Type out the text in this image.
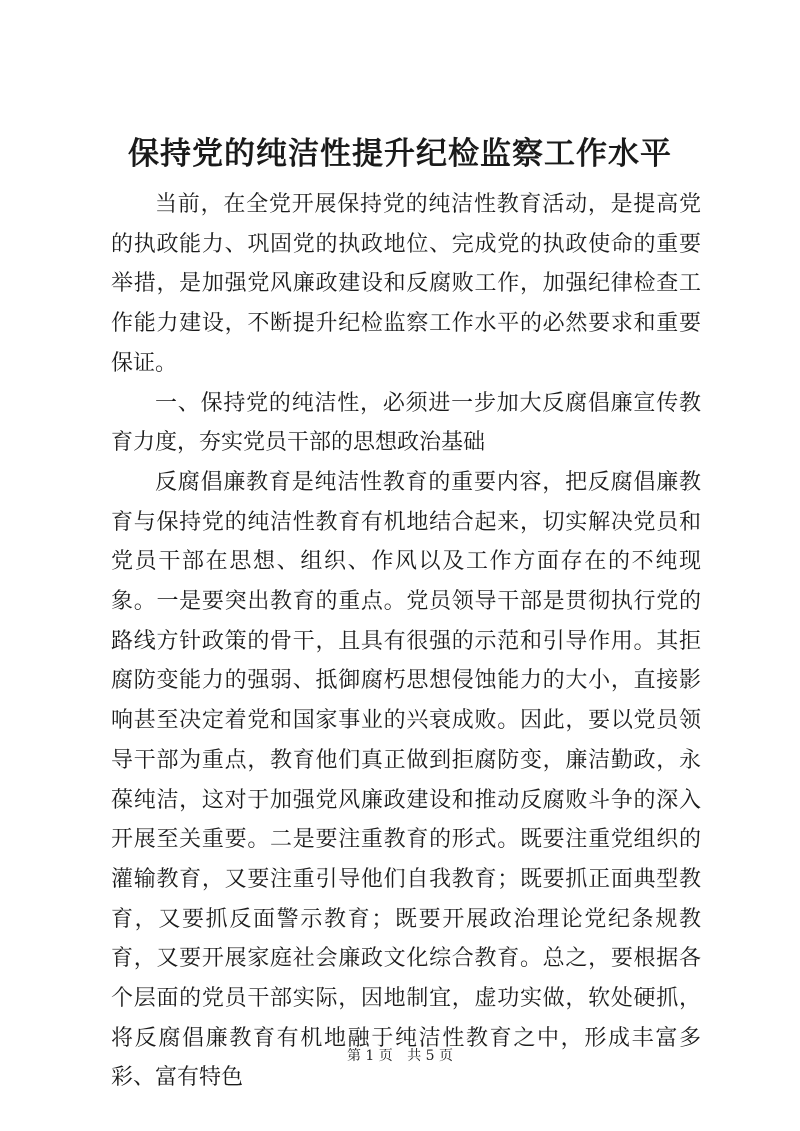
保持党的纯洁性提升纪检监察工作水平

当前，在全党开展保持党的纯洁性教育活动，是提高党的执政能力、巩固党的执政地位、完成党的执政使命的重要举措，是加强党风廉政建设和反腐败工作，加强纪律检查工作能力建设，不断提升纪检监察工作水平的必然要求和重要保证。

一、保持党的纯洁性，必须进一步加大反腐倡廉宣传教育力度，夯实党员干部的思想政治基础

反腐倡廉教育是纯洁性教育的重要内容，把反腐倡廉教育与保持党的纯洁性教育有机地结合起来，切实解决党员和党员干部在思想、组织、作风以及工作方面存在的不纯现象。一是要突出教育的重点。党员领导干部是贯彻执行党的路线方针政策的骨干，且具有很强的示范和引导作用。其拒腐防变能力的强弱、抵御腐朽思想侵蚀能力的大小，直接影响甚至决定着党和国家事业的兴衰成败。因此，要以党员领导干部为重点，教育他们真正做到拒腐防变，廉洁勤政，永葆纯洁，这对于加强党风廉政建设和推动反腐败斗争的深入开展至关重要。二是要注重教育的形式。既要注重党组织的灌输教育，又要注重引导他们自我教育；既要抓正面典型教育，又要抓反面警示教育；既要开展政治理论党纪条规教育，又要开展家庭社会廉政文化综合教育。总之，要根据各个层面的党员干部实际，因地制宜，虚功实做，软处硬抓，将反腐倡廉教育有机地融于纯洁性教育之中，形成丰富多彩、富有特色

第 1 页 共 5 页
